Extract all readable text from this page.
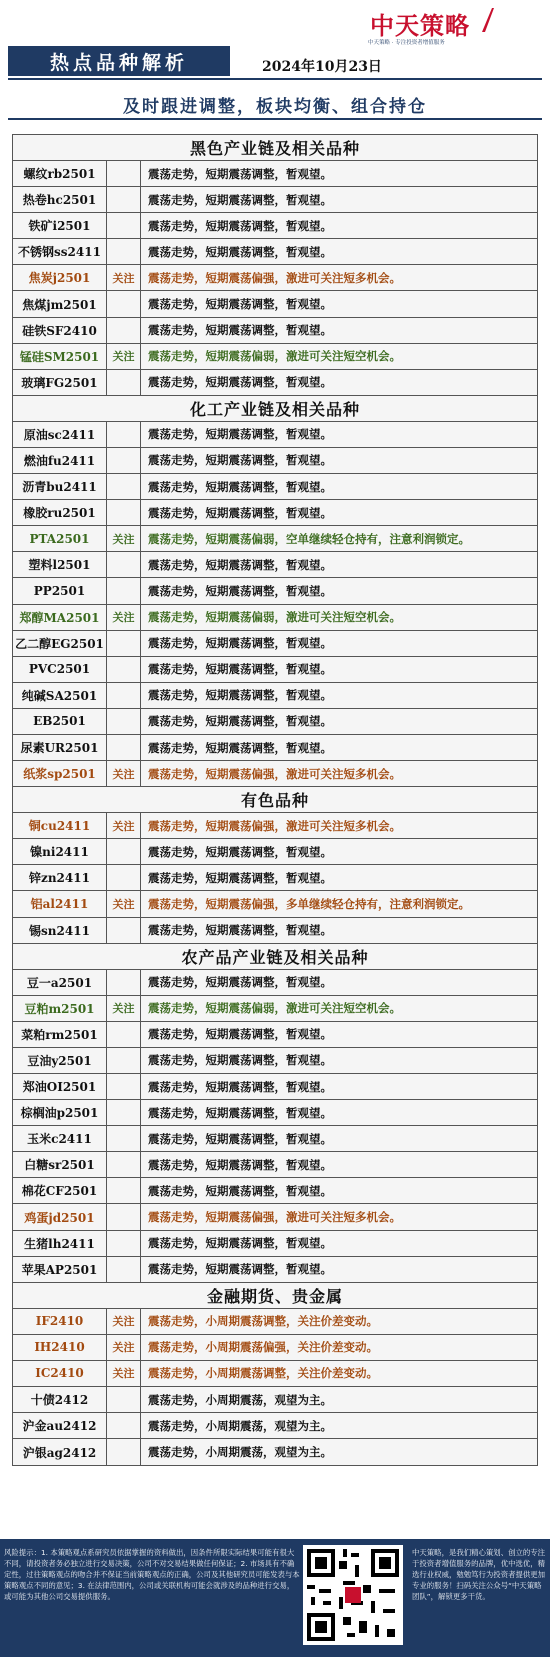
热点品种解析	2024年10月23日
中天策略
中天策略 · 专注投资者增值服务
及时跟进调整，板块均衡、组合持仓
黑色产业链及相关品种
螺纹rb2501	震荡走势，短期震荡调整，暂观望。
热卷hc2501	震荡走势，短期震荡调整，暂观望。
铁矿i2501	震荡走势，短期震荡调整，暂观望。
不锈钢ss2411	震荡走势，短期震荡调整，暂观望。
焦炭j2501	关注	震荡走势，短期震荡偏强，激进可关注短多机会。
焦煤jm2501	震荡走势，短期震荡调整，暂观望。
硅铁SF2410	震荡走势，短期震荡调整，暂观望。
锰硅SM2501	关注	震荡走势，短期震荡偏弱，激进可关注短空机会。
玻璃FG2501	震荡走势，短期震荡调整，暂观望。
化工产业链及相关品种
原油sc2411	震荡走势，短期震荡调整，暂观望。
燃油fu2411	震荡走势，短期震荡调整，暂观望。
沥青bu2411	震荡走势，短期震荡调整，暂观望。
橡胶ru2501	震荡走势，短期震荡调整，暂观望。
PTA2501	关注	震荡走势，短期震荡偏弱，空单继续轻仓持有，注意利润锁定。
塑料l2501	震荡走势，短期震荡调整，暂观望。
PP2501	震荡走势，短期震荡调整，暂观望。
郑醇MA2501	关注	震荡走势，短期震荡偏弱，激进可关注短空机会。
乙二醇EG2501	震荡走势，短期震荡调整，暂观望。
PVC2501	震荡走势，短期震荡调整，暂观望。
纯碱SA2501	震荡走势，短期震荡调整，暂观望。
EB2501	震荡走势，短期震荡调整，暂观望。
尿素UR2501	震荡走势，短期震荡调整，暂观望。
纸浆sp2501	关注	震荡走势，短期震荡偏强，激进可关注短多机会。
有色品种
铜cu2411	关注	震荡走势，短期震荡偏强，激进可关注短多机会。
镍ni2411	震荡走势，短期震荡调整，暂观望。
锌zn2411	震荡走势，短期震荡调整，暂观望。
铝al2411	关注	震荡走势，短期震荡偏强，多单继续轻仓持有，注意利润锁定。
锡sn2411	震荡走势，短期震荡调整，暂观望。
农产品产业链及相关品种
豆一a2501	震荡走势，短期震荡调整，暂观望。
豆粕m2501	关注	震荡走势，短期震荡偏弱，激进可关注短空机会。
菜粕rm2501	震荡走势，短期震荡调整，暂观望。
豆油y2501	震荡走势，短期震荡调整，暂观望。
郑油OI2501	震荡走势，短期震荡调整，暂观望。
棕榈油p2501	震荡走势，短期震荡调整，暂观望。
玉米c2411	震荡走势，短期震荡调整，暂观望。
白糖sr2501	震荡走势，短期震荡调整，暂观望。
棉花CF2501	震荡走势，短期震荡调整，暂观望。
鸡蛋jd2501	震荡走势，短期震荡偏强，激进可关注短多机会。
生猪lh2411	震荡走势，短期震荡调整，暂观望。
苹果AP2501	震荡走势，短期震荡调整，暂观望。
金融期货、贵金属
IF2410	关注	震荡走势，小周期震荡调整，关注价差变动。
IH2410	关注	震荡走势，小周期震荡偏强，关注价差变动。
IC2410	关注	震荡走势，小周期震荡调整，关注价差变动。
十债2412	震荡走势，小周期震荡，观望为主。
沪金au2412	震荡走势，小周期震荡，观望为主。
沪银ag2412	震荡走势，小周期震荡，观望为主。
风险提示：1. 本策略观点系研究员依据掌握的资料做出，因条件所限实际结果可能有很大不同，请投资者务必独立进行交易决策，公司不对交易结果做任何保证；2. 市场具有不确定性，过往策略观点的吻合并不保证当前策略观点的正确，公司及其他研究员可能发表与本策略观点不同的意见；3. 在法律范围内，公司或关联机构可能会就涉及的品种进行交易，或可能为其他公司交易提供服务。
中天策略，是我们精心策划、创立的专注于投资者增值服务的品牌，优中选优，精选行业权威，勉勉笃行为投资者提供更加专业的服务！扫码关注公众号“中天策略团队”，解锁更多干货。
